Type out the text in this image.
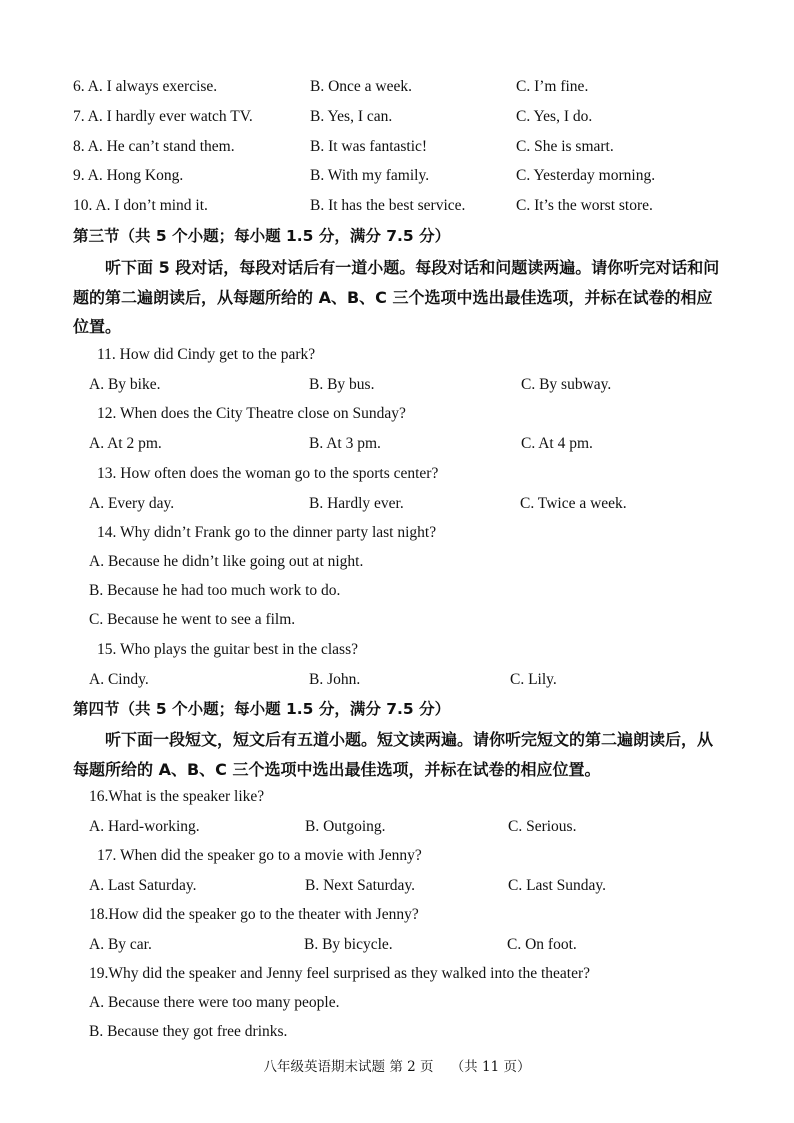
6. A. I always exercise.	B. Once a week.	C. I’m fine.
7. A. I hardly ever watch TV.	B. Yes, I can.	C. Yes, I do.
8. A. He can’t stand them.	B. It was fantastic!	C. She is smart.
9. A. Hong Kong.	B. With my family.	C. Yesterday morning.
10. A. I don’t mind it.	B. It has the best service.	C. It’s the worst store.
第三节（共 5 个小题；每小题 1.5 分，满分 7.5 分）
听下面 5 段对话，每段对话后有一道小题。每段对话和问题读两遍。请你听完对话和问题的第二遍朗读后，从每题所给的 A、B、C 三个选项中选出最佳选项，并标在试卷的相应位置。
11. How did Cindy get to the park?
A. By bike.	B. By bus.	C. By subway.
12. When does the City Theatre close on Sunday?
A. At 2 pm.	B. At 3 pm.	C. At 4 pm.
13. How often does the woman go to the sports center?
A. Every day.	B. Hardly ever.	C. Twice a week.
14. Why didn’t Frank go to the dinner party last night?
A. Because he didn’t like going out at night.
B. Because he had too much work to do.
C. Because he went to see a film.
15. Who plays the guitar best in the class?
A. Cindy.	B. John.	C. Lily.
第四节（共 5 个小题；每小题 1.5 分，满分 7.5 分）
听下面一段短文，短文后有五道小题。短文读两遍。请你听完短文的第二遍朗读后，从每题所给的 A、B、C 三个选项中选出最佳选项，并标在试卷的相应位置。
16.What is the speaker like?
A. Hard-working.	B. Outgoing.	C. Serious.
17. When did the speaker go to a movie with Jenny?
A. Last Saturday.	B. Next Saturday.	C. Last Sunday.
18.How did the speaker go to the theater with Jenny?
A. By car.	B. By bicycle.	C. On foot.
19.Why did the speaker and Jenny feel surprised as they walked into the theater?
A. Because there were too many people.
B. Because they got free drinks.
八年级英语期末试题 第 2 页 （共 11 页）
